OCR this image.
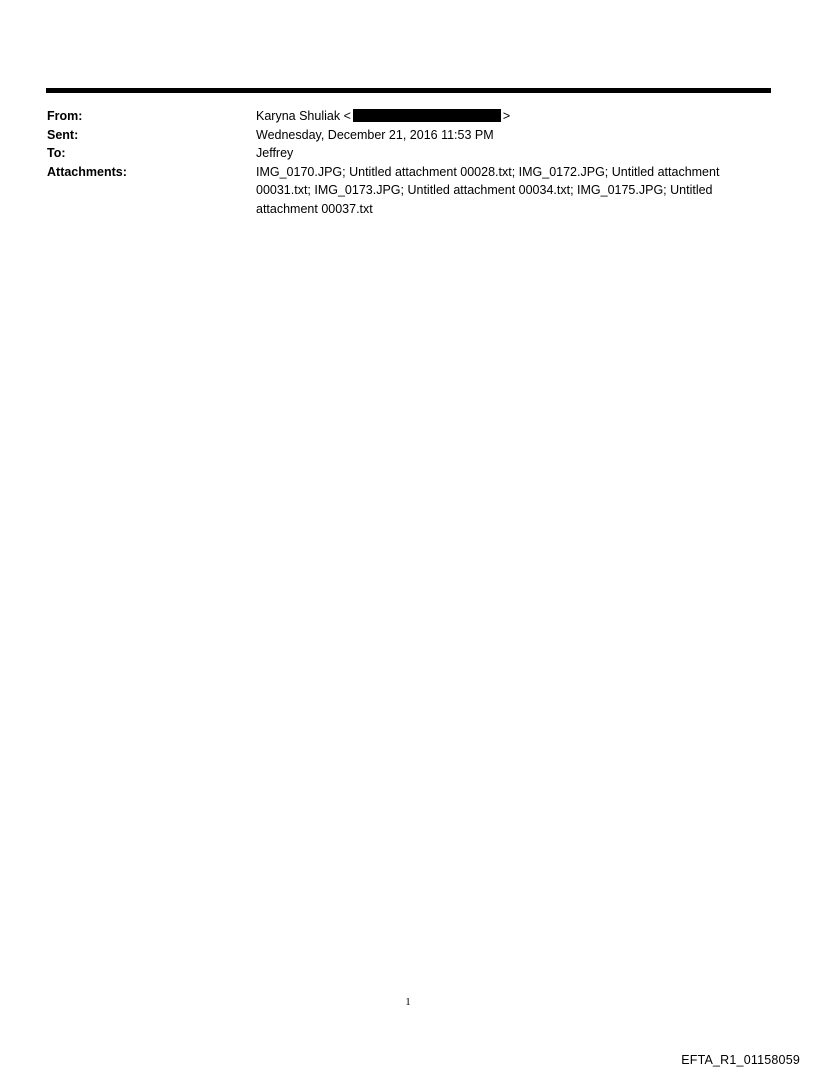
From:	Karyna Shuliak <	>
Sent:	Wednesday, December 21, 2016 11:53 PM
To:	Jeffrey
Attachments:	IMG_0170.JPG; Untitled attachment 00028.txt; IMG_0172.JPG; Untitled attachment 00031.txt; IMG_0173.JPG; Untitled attachment 00034.txt; IMG_0175.JPG; Untitled attachment 00037.txt
1
EFTA_R1_01158059
